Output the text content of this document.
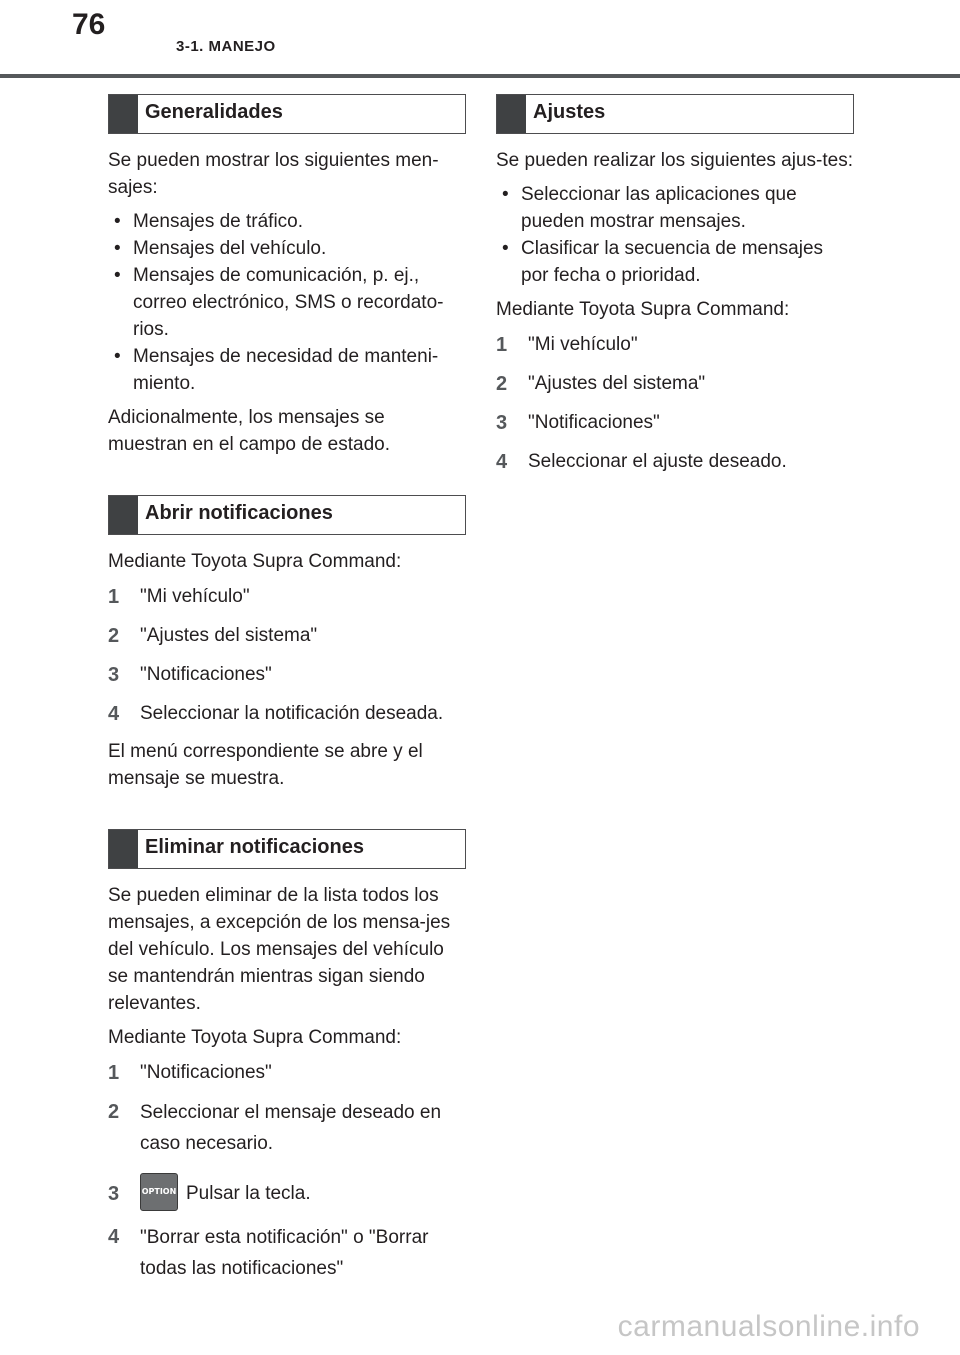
76
3-1. MANEJO
Generalidades

Se pueden mostrar los siguientes men-sajes:

• Mensajes de tráfico.
• Mensajes del vehículo.
• Mensajes de comunicación, p. ej., correo electrónico, SMS o recordato-rios.
• Mensajes de necesidad de manteni-miento.

Adicionalmente, los mensajes se muestran en el campo de estado.

Abrir notificaciones

Mediante Toyota Supra Command:

1 "Mi vehículo"
2 "Ajustes del sistema"
3 "Notificaciones"
4 Seleccionar la notificación deseada.

El menú correspondiente se abre y el mensaje se muestra.

Eliminar notificaciones

Se pueden eliminar de la lista todos los mensajes, a excepción de los mensa-jes del vehículo. Los mensajes del vehículo se mantendrán mientras sigan siendo relevantes.

Mediante Toyota Supra Command:

1 "Notificaciones"
2 Seleccionar el mensaje deseado en caso necesario.
3	OPTION Pulsar la tecla.
4 "Borrar esta notificación" o "Borrar todas las notificaciones"
Ajustes

Se pueden realizar los siguientes ajus-tes:

• Seleccionar las aplicaciones que pueden mostrar mensajes.
• Clasificar la secuencia de mensajes por fecha o prioridad.

Mediante Toyota Supra Command:

1 "Mi vehículo"
2 "Ajustes del sistema"
3 "Notificaciones"
4 Seleccionar el ajuste deseado.
carmanualsonline.info
